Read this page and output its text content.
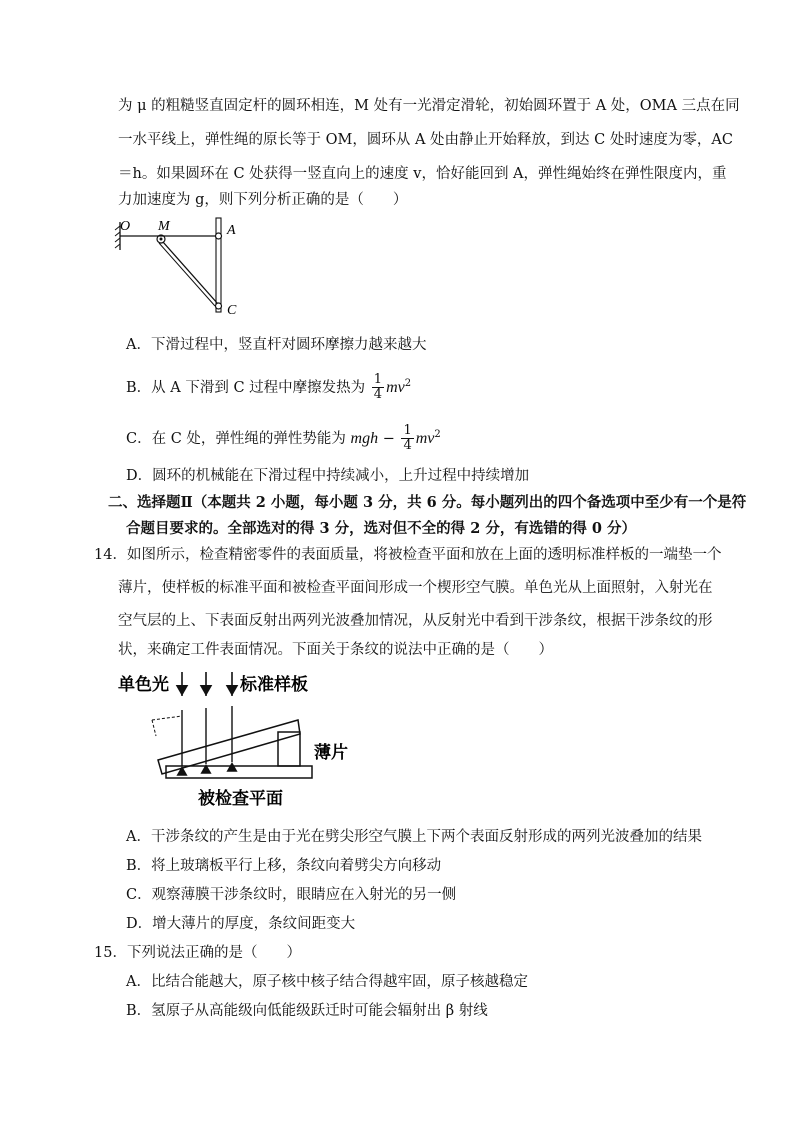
为 μ 的粗糙竖直固定杆的圆环相连，M 处有一光滑定滑轮，初始圆环置于 A 处，OMA 三点在同
一水平线上，弹性绳的原长等于 OM，圆环从 A 处由静止开始释放，到达 C 处时速度为零，AC
＝h。如果圆环在 C 处获得一竖直向上的速度 v，恰好能回到 A，弹性绳始终在弹性限度内，重
力加速度为 g，则下列分析正确的是（　　）
O M	A
C
A．下滑过程中，竖直杆对圆环摩擦力越来越大
B．从 A 下滑到 C 过程中摩擦发热为 $\frac{1}{4} mv^2$
C．在 C 处，弹性绳的弹性势能为 mgh − $\frac{1}{4} mv^2$
D．圆环的机械能在下滑过程中持续减小，上升过程中持续增加
二、选择题Ⅱ（本题共 2 小题，每小题 3 分，共 6 分。每小题列出的四个备选项中至少有一个是符
合题目要求的。全部选对的得 3 分，选对但不全的得 2 分，有选错的得 0 分）
14．如图所示，检查精密零件的表面质量，将被检查平面和放在上面的透明标准样板的一端垫一个
薄片，使样板的标准平面和被检查平面间形成一个楔形空气膜。单色光从上面照射，入射光在
空气层的上、下表面反射出两列光波叠加情况，从反射光中看到干涉条纹，根据干涉条纹的形
状，来确定工件表面情况。下面关于条纹的说法中正确的是（　　）
单色光	标准样板
薄片
被检查平面
A．干涉条纹的产生是由于光在劈尖形空气膜上下两个表面反射形成的两列光波叠加的结果
B．将上玻璃板平行上移，条纹向着劈尖方向移动
C．观察薄膜干涉条纹时，眼睛应在入射光的另一侧
D．增大薄片的厚度，条纹间距变大
15．下列说法正确的是（　　）
A．比结合能越大，原子核中核子结合得越牢固，原子核越稳定
B．氢原子从高能级向低能级跃迁时可能会辐射出 β 射线
